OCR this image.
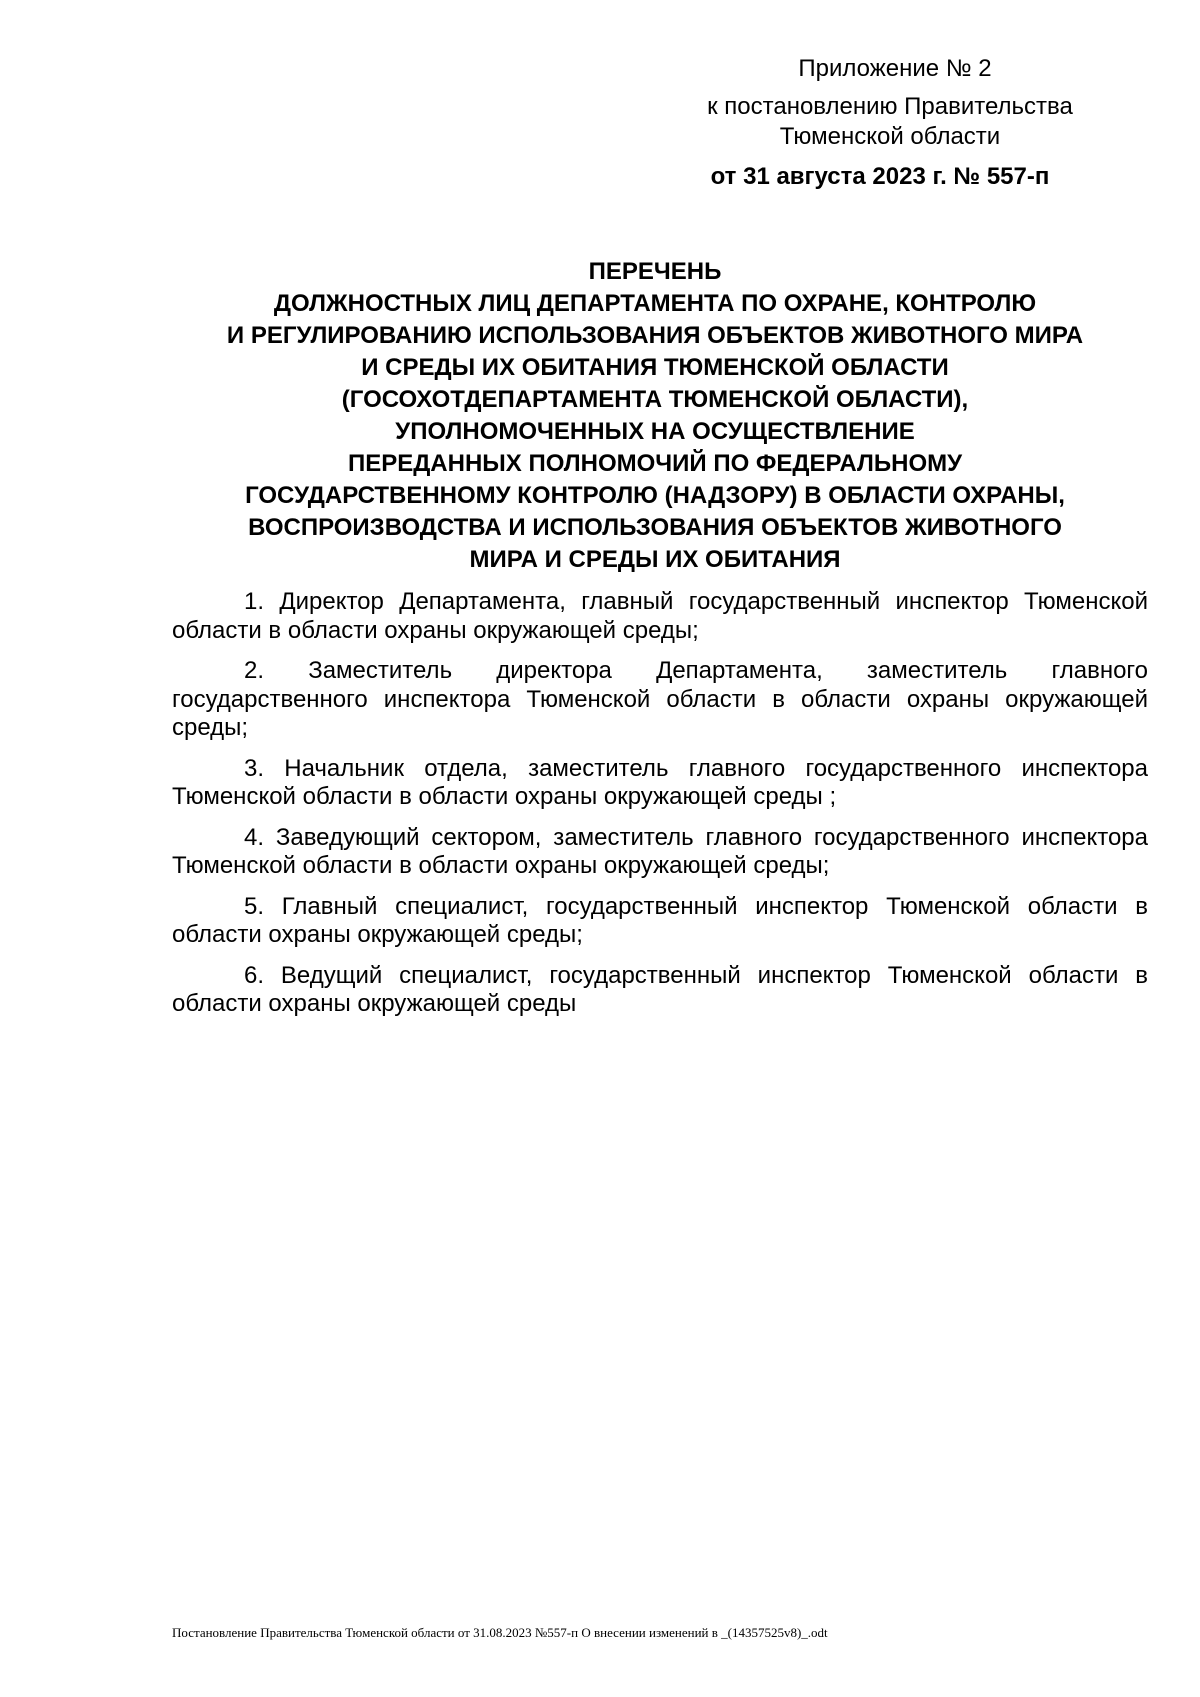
Приложение № 2
к постановлению Правительства
Тюменской области
от 31 августа 2023 г. № 557-п
ПЕРЕЧЕНЬ
ДОЛЖНОСТНЫХ ЛИЦ ДЕПАРТАМЕНТА ПО ОХРАНЕ, КОНТРОЛЮ
И РЕГУЛИРОВАНИЮ ИСПОЛЬЗОВАНИЯ ОБЪЕКТОВ ЖИВОТНОГО МИРА
И СРЕДЫ ИХ ОБИТАНИЯ ТЮМЕНСКОЙ ОБЛАСТИ
(ГОСОХОТДЕПАРТАМЕНТА ТЮМЕНСКОЙ ОБЛАСТИ),
УПОЛНОМОЧЕННЫХ НА ОСУЩЕСТВЛЕНИЕ
ПЕРЕДАННЫХ ПОЛНОМОЧИЙ ПО ФЕДЕРАЛЬНОМУ
ГОСУДАРСТВЕННОМУ КОНТРОЛЮ (НАДЗОРУ) В ОБЛАСТИ ОХРАНЫ,
ВОСПРОИЗВОДСТВА И ИСПОЛЬЗОВАНИЯ ОБЪЕКТОВ ЖИВОТНОГО
МИРА И СРЕДЫ ИХ ОБИТАНИЯ

1. Директор Департамента, главный государственный инспектор Тюменской области в области охраны окружающей среды;

2. Заместитель директора Департамента, заместитель главного государственного инспектора Тюменской области в области охраны окружающей среды;

3. Начальник отдела, заместитель главного государственного инспектора Тюменской области в области охраны окружающей среды ;

4. Заведующий сектором, заместитель главного государственного инспектора Тюменской области в области охраны окружающей среды;

5. Главный специалист, государственный инспектор Тюменской области в области охраны окружающей среды;

6. Ведущий специалист, государственный инспектор Тюменской области в области охраны окружающей среды

Постановление Правительства Тюменской области от 31.08.2023 №557-п О внесении изменений в _(14357525v8)_.odt
